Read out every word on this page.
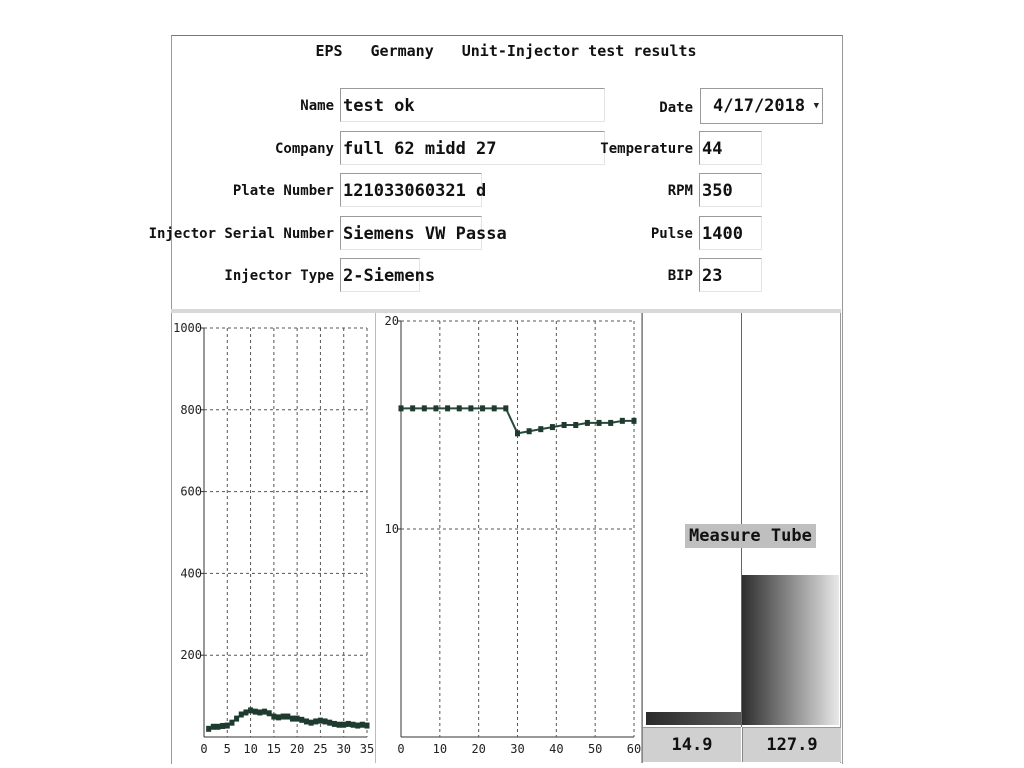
EPS Germany Unit-Injector test results
Name test ok
Company full 62 midd 27
Plate Number 121033060321 d
Injector Serial Number Siemens VW Passa
Injector Type 2-Siemens
Date 4/17/2018 ▼
Temperature 44
RPM 350
Pulse 1400
BIP 23
0 5 10 15 20 25 30 35
200
400
600
800
1000
0 10 20 30 40 50 60
10
20
Measure Tube
14.9	127.9
